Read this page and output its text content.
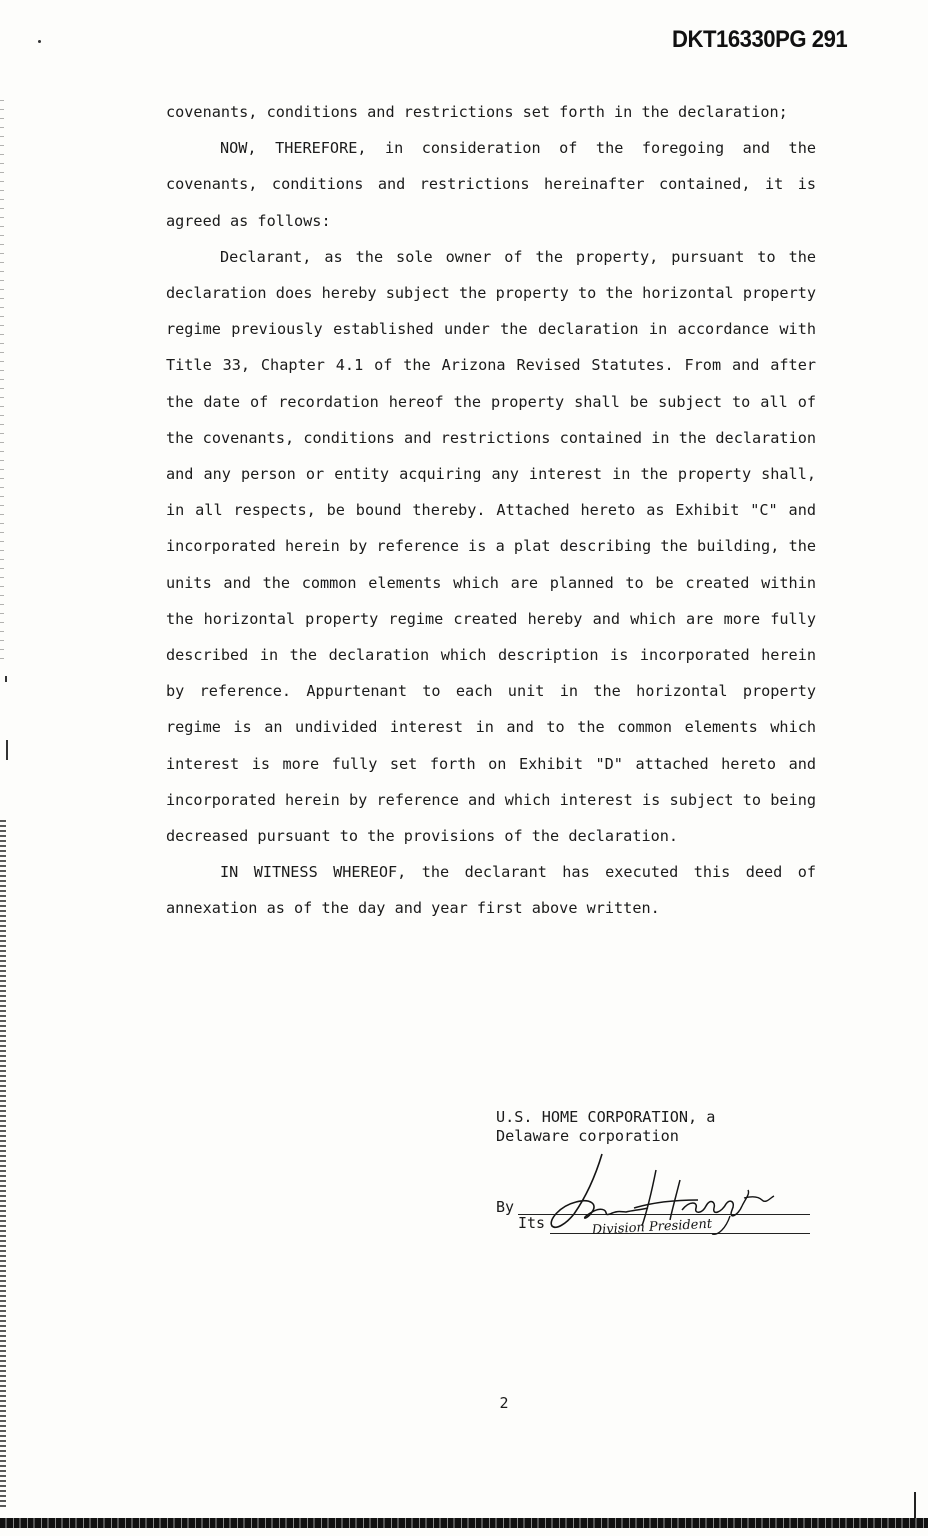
DKT16330PG 291

covenants, conditions and restrictions set forth in the declaration;

NOW, THEREFORE, in consideration of the foregoing and the covenants, conditions and restrictions hereinafter contained, it is agreed as follows:

Declarant, as the sole owner of the property, pursuant to the declaration does hereby subject the property to the horizontal property regime previously established under the declaration in accordance with Title 33, Chapter 4.1 of the Arizona Revised Statutes. From and after the date of recordation hereof the property shall be subject to all of the covenants, conditions and restrictions contained in the declaration and any person or entity acquiring any interest in the property shall, in all respects, be bound thereby. Attached hereto as Exhibit "C" and incorporated herein by reference is a plat describing the building, the units and the common elements which are planned to be created within the horizontal property regime created hereby and which are more fully described in the declaration which description is incorporated herein by reference. Appurtenant to each unit in the horizontal property regime is an undivided interest in and to the common elements which interest is more fully set forth on Exhibit "D" attached hereto and incorporated herein by reference and which interest is subject to being decreased pursuant to the provisions of the declaration.

IN WITNESS WHEREOF, the declarant has executed this deed of annexation as of the day and year first above written.

U.S. HOME CORPORATION, a

Delaware corporation

By
Its	Division President
2
